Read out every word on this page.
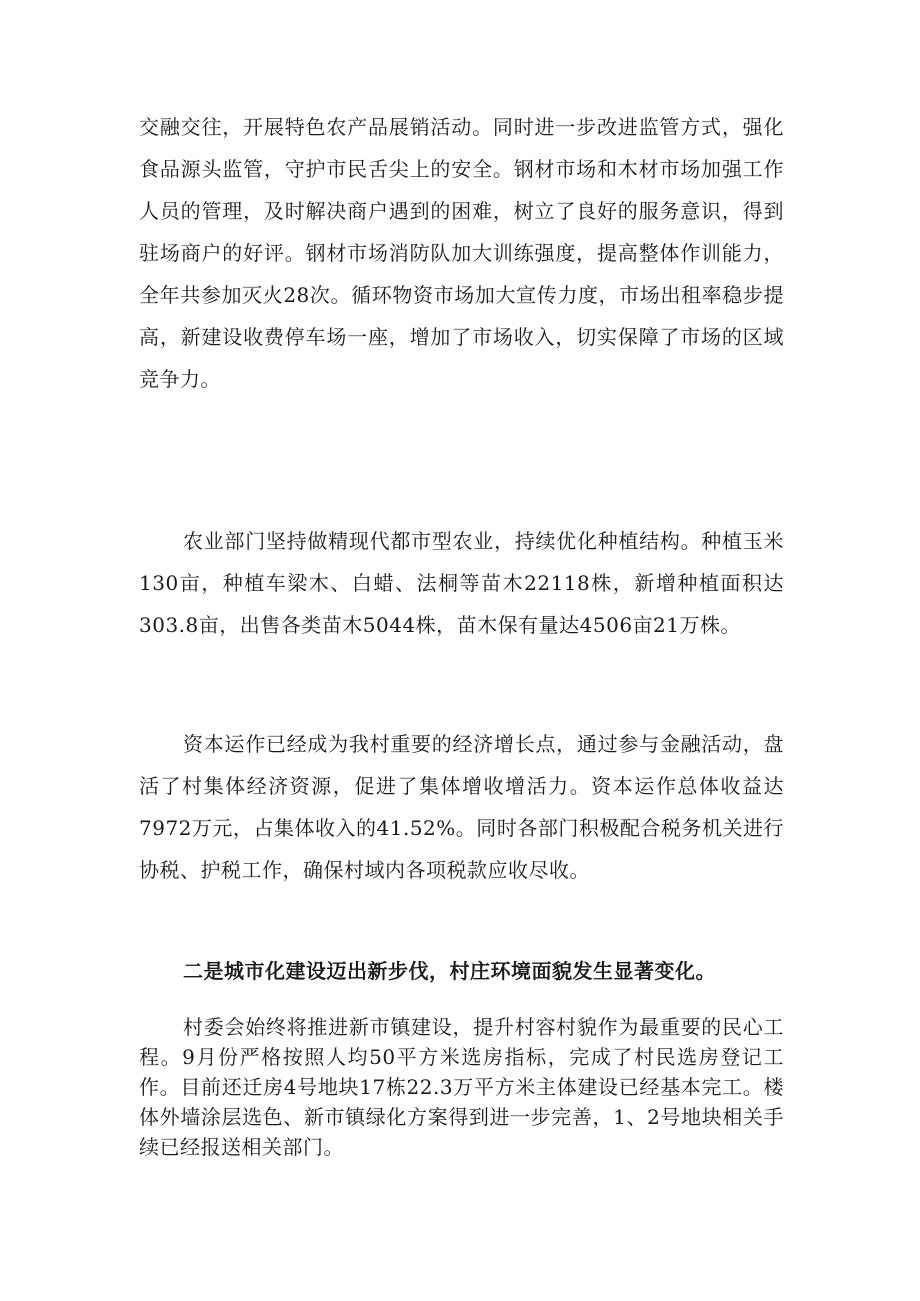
交融交往，开展特色农产品展销活动。同时进一步改进监管方式，强化食品源头监管，守护市民舌尖上的安全。钢材市场和木材市场加强工作人员的管理，及时解决商户遇到的困难，树立了良好的服务意识，得到驻场商户的好评。钢材市场消防队加大训练强度，提高整体作训能力，全年共参加灭火28次。循环物资市场加大宣传力度，市场出租率稳步提高，新建设收费停车场一座，增加了市场收入，切实保障了市场的区域竞争力。

农业部门坚持做精现代都市型农业，持续优化种植结构。种植玉米130亩，种植车梁木、白蜡、法桐等苗木22118株，新增种植面积达303.8亩，出售各类苗木5044株，苗木保有量达4506亩21万株。

资本运作已经成为我村重要的经济增长点，通过参与金融活动，盘活了村集体经济资源，促进了集体增收增活力。资本运作总体收益达7972万元，占集体收入的41.52%。同时各部门积极配合税务机关进行协税、护税工作，确保村域内各项税款应收尽收。

二是城市化建设迈出新步伐，村庄环境面貌发生显著变化。

村委会始终将推进新市镇建设，提升村容村貌作为最重要的民心工程。9月份严格按照人均50平方米选房指标，完成了村民选房登记工作。目前还迁房4号地块17栋22.3万平方米主体建设已经基本完工。楼体外墙涂层选色、新市镇绿化方案得到进一步完善，1、2号地块相关手续已经报送相关部门。
